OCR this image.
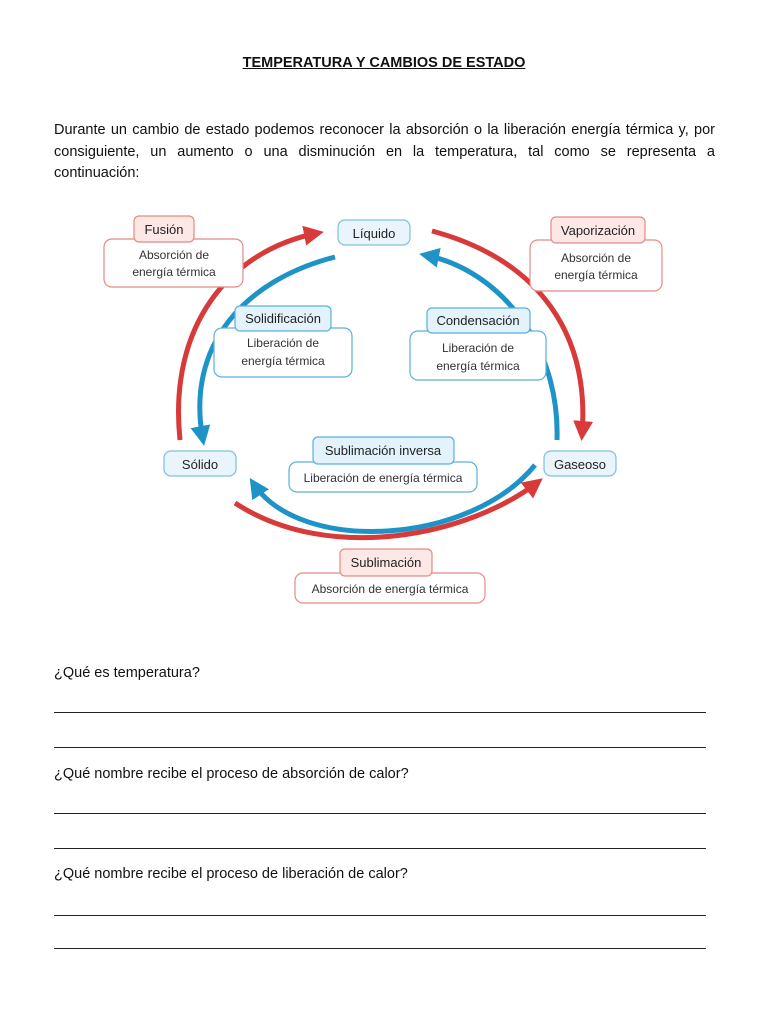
TEMPERATURA Y CAMBIOS DE ESTADO
Durante un cambio de estado podemos reconocer la absorción o la liberación energía térmica y, por consiguiente, un aumento o una disminución en la temperatura, tal como se representa a continuación:
Líquido
Sólido	Gaseoso
Fusión
Absorción de
energía térmica
Vaporización
Absorción de
energía térmica
Solidificación
Liberación de
energía térmica
Condensación
Liberación de
energía térmica
Sublimación inversa
Liberación de energía térmica
Sublimación
Absorción de energía térmica
¿Qué es temperatura?
¿Qué nombre recibe el proceso de absorción de calor?
¿Qué nombre recibe el proceso de liberación de calor?
